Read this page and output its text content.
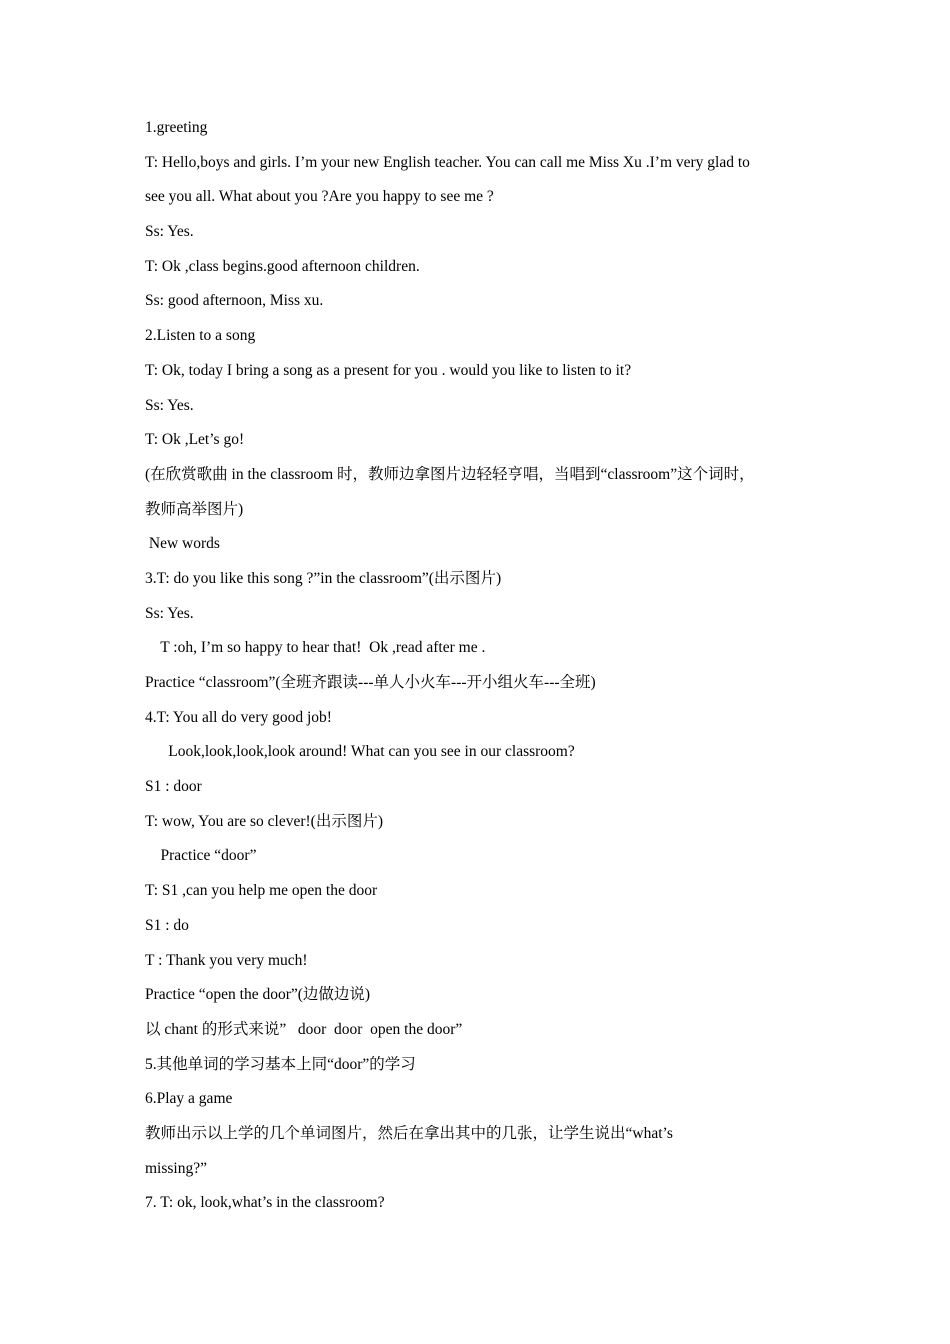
1.greeting
T: Hello,boys and girls. I’m your new English teacher. You can call me Miss Xu .I’m very glad to
see you all. What about you ?Are you happy to see me ?
Ss: Yes.
T: Ok ,class begins.good afternoon children.
Ss: good afternoon, Miss xu.
2.Listen to a song
T: Ok, today I bring a song as a present for you . would you like to listen to it?
Ss: Yes.
T: Ok ,Let’s go!
(在欣赏歌曲 in the classroom 时，教师边拿图片边轻轻亨唱，当唱到“classroom”这个词时，
教师高举图片)
New words
3.T: do you like this song ?”in the classroom”(出示图片)
Ss: Yes.
T :oh, I’m so happy to hear that!  Ok ,read after me .
Practice “classroom”(全班齐跟读---单人小火车---开小组火车---全班)
4.T: You all do very good job!
Look,look,look,look around! What can you see in our classroom?
S1 : door
T: wow, You are so clever!(出示图片)
Practice “door”
T: S1 ,can you help me open the door
S1 : do
T : Thank you very much!
Practice “open the door”(边做边说)
以 chant 的形式来说”   door  door  open the door”
5.其他单词的学习基本上同“door”的学习
6.Play a game
教师出示以上学的几个单词图片，然后在拿出其中的几张，让学生说出“what’s
missing?”
7. T: ok, look,what’s in the classroom?
